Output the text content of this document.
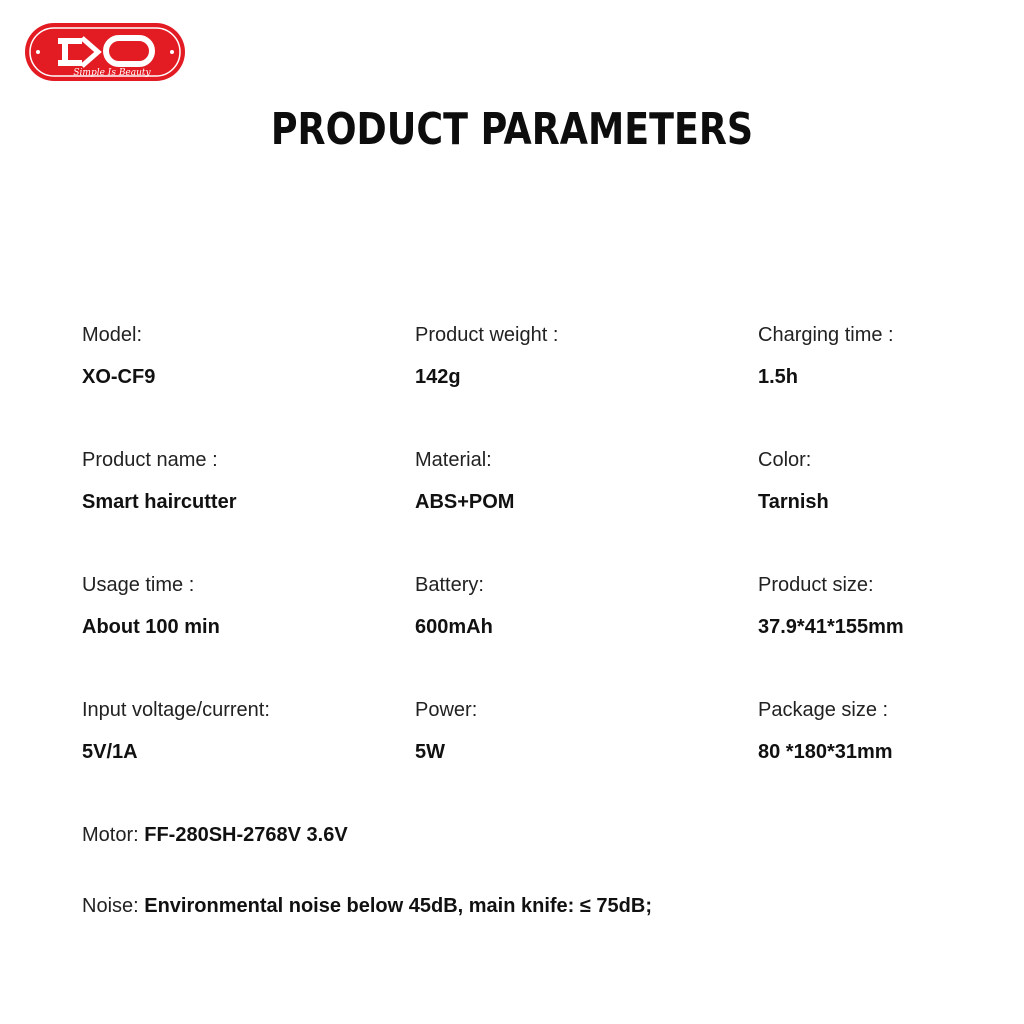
Simple Is Beauty
PRODUCT PARAMETERS
Model:
XO-CF9
Product weight :
142g
Charging time :
1.5h
Product name :
Smart haircutter
Material:
ABS+POM
Color:
Tarnish
Usage time :
About 100 min
Battery:
600mAh
Product size:
37.9*41*155mm
Input voltage/current:
5V/1A
Power:
5W
Package size :
80 *180*31mm
Motor: FF-280SH-2768V 3.6V
Noise: Environmental noise below 45dB, main knife: ≤ 75dB;
